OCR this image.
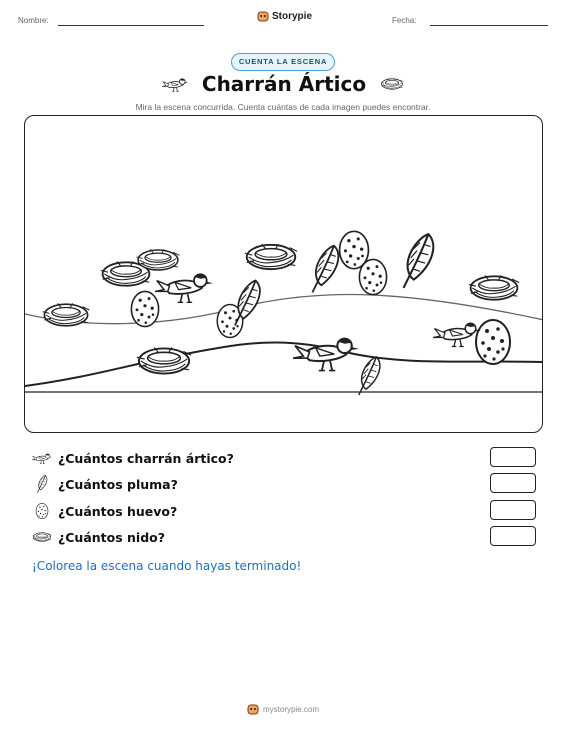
Nombre:	Storypie	Fecha:
CUENTA LA ESCENA
Charrán Ártico
Mira la escena concurrida. Cuenta cuántas de cada imagen puedes encontrar.
¿Cuántos charrán ártico?
¿Cuántos pluma?
¿Cuántos huevo?
¿Cuántos nido?
¡Colorea la escena cuando hayas terminado!
mystorypie.com
